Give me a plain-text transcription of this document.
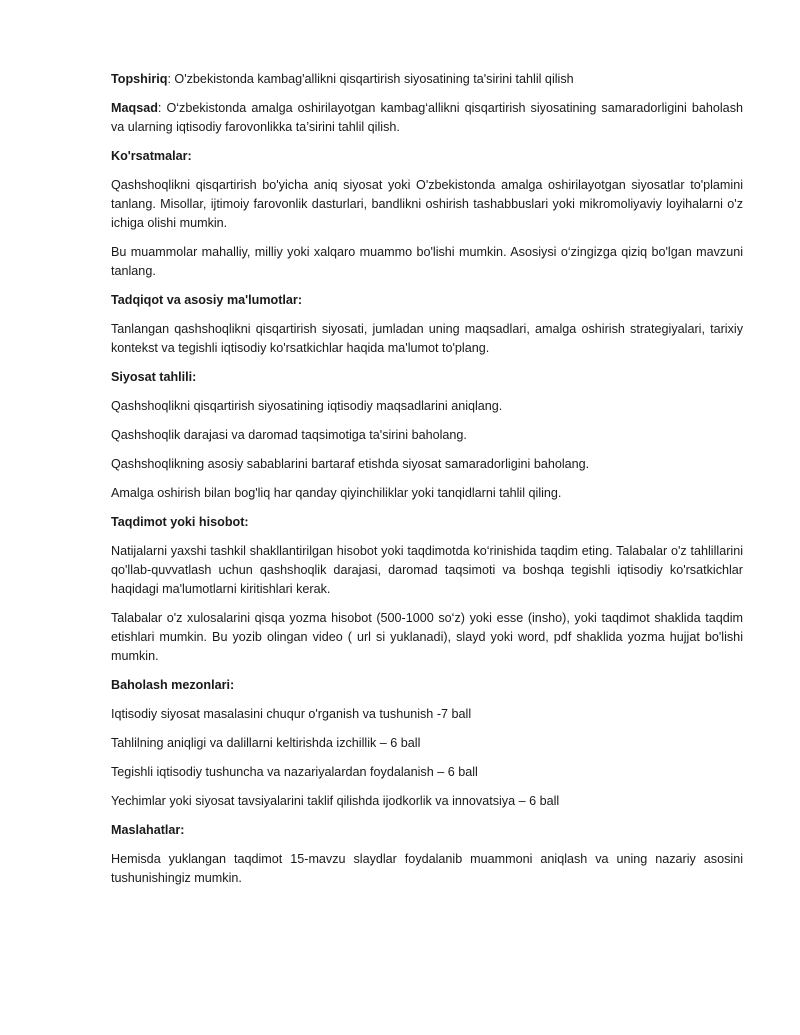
Topshiriq: O'zbekistonda kambag'allikni qisqartirish siyosatining ta'sirini tahlil qilish

Maqsad: O‘zbekistonda amalga oshirilayotgan kambag‘allikni qisqartirish siyosatining samaradorligini baholash va ularning iqtisodiy farovonlikka ta’sirini tahlil qilish.

Ko'rsatmalar:

Qashshoqlikni qisqartirish bo'yicha aniq siyosat yoki O'zbekistonda amalga oshirilayotgan siyosatlar to'plamini tanlang. Misollar, ijtimoiy farovonlik dasturlari, bandlikni oshirish tashabbuslari yoki mikromoliyaviy loyihalarni o'z ichiga olishi mumkin.

Bu muammolar mahalliy, milliy yoki xalqaro muammo bo'lishi mumkin. Asosiysi o‘zingizga qiziq bo'lgan mavzuni tanlang.

Tadqiqot va asosiy ma'lumotlar:

Tanlangan qashshoqlikni qisqartirish siyosati, jumladan uning maqsadlari, amalga oshirish strategiyalari, tarixiy kontekst va tegishli iqtisodiy ko'rsatkichlar haqida ma'lumot to'plang.

Siyosat tahlili:

Qashshoqlikni qisqartirish siyosatining iqtisodiy maqsadlarini aniqlang.

Qashshoqlik darajasi va daromad taqsimotiga ta'sirini baholang.

Qashshoqlikning asosiy sabablarini bartaraf etishda siyosat samaradorligini baholang.

Amalga oshirish bilan bog'liq har qanday qiyinchiliklar yoki tanqidlarni tahlil qiling.

Taqdimot yoki hisobot:

Natijalarni yaxshi tashkil shakllantirilgan hisobot yoki taqdimotda ko‘rinishida taqdim eting. Talabalar o'z tahlillarini qo'llab-quvvatlash uchun qashshoqlik darajasi, daromad taqsimoti va boshqa tegishli iqtisodiy ko'rsatkichlar haqidagi ma'lumotlarni kiritishlari kerak.

Talabalar o'z xulosalarini qisqa yozma hisobot (500-1000 so‘z) yoki esse (insho), yoki taqdimot shaklida taqdim etishlari mumkin. Bu yozib olingan video ( url si yuklanadi), slayd yoki word, pdf shaklida yozma hujjat bo'lishi mumkin.

Baholash mezonlari:

Iqtisodiy siyosat masalasini chuqur o'rganish va tushunish -7 ball

Tahlilning aniqligi va dalillarni keltirishda izchillik – 6 ball

Tegishli iqtisodiy tushuncha va nazariyalardan foydalanish – 6 ball

Yechimlar yoki siyosat tavsiyalarini taklif qilishda ijodkorlik va innovatsiya – 6 ball

Maslahatlar:

Hemisda yuklangan taqdimot 15-mavzu slaydlar foydalanib muammoni aniqlash va uning nazariy asosini tushunishingiz mumkin.
